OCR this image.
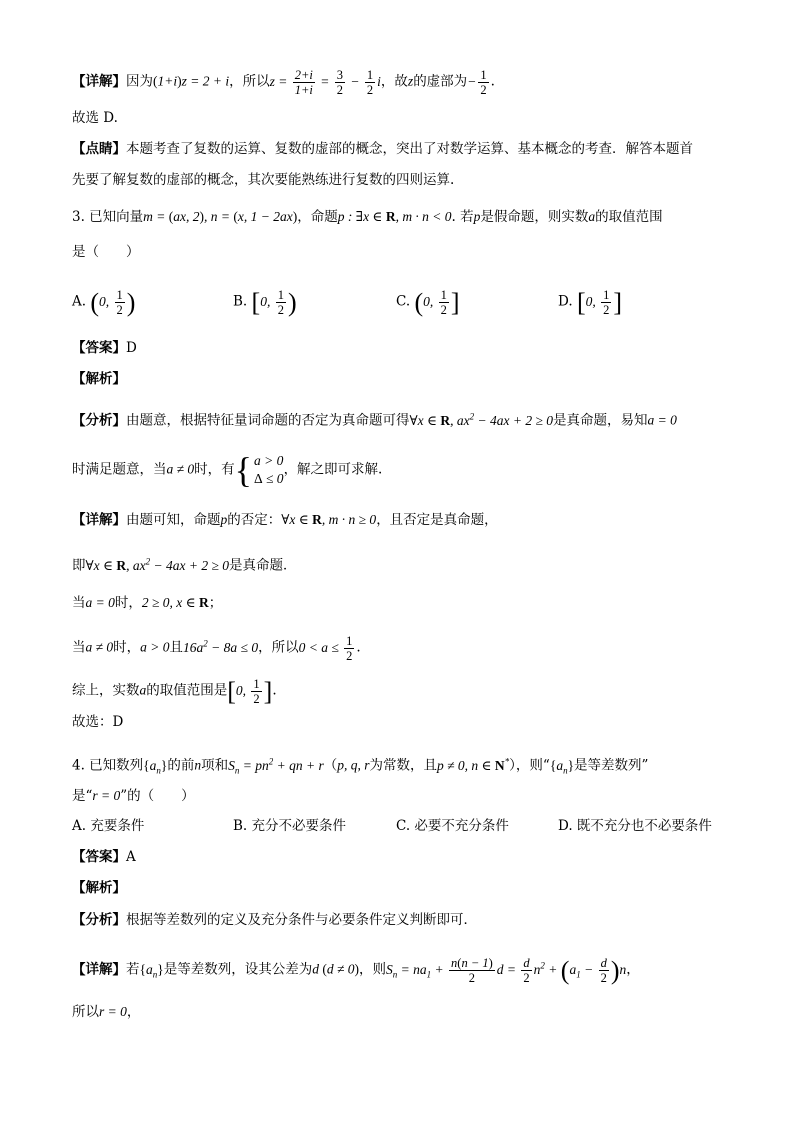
【 详解 】 因为(1+i)z = 2 + i，所以$z = \frac{2+i}{1+i} = \frac{3}{2} - \frac{1}{2}$ i，故z的虚部为− $\frac{1}{2}$ .
故选 D.
【 点睛 】 本题考查了复数的运算、复数的虚部的概念，突出了对数学运算、基本概念的考查．解答本题首
先要了解复数的虚部的概念，其次要能熟练进行复数的四则运算.
3. 已知向量m = (ax, 2), n = (x, 1 − 2ax)，命题p : ∃x ∈ R, m · n < 0. 若p是假命题，则实数a的取值范围
是（　　）
A. (0, $\frac{1}{2}$ )	B. [0, $\frac{1}{2}$ )	C. (0, $\frac{1}{2}$ ]	D. [0, $\frac{1}{2}$ ]
【 答案 】 D
【 解析 】
【 分析 】 由题意，根据特征量词命题的否定为真命题可得∀x ∈ R, $ax^2 - 4ax + 2 \ge 0$是真命题，易知a = 0
时满足题意，当a ≠ 0时，有 { a > 0
Δ ≤ 0
，解之即可求解.
【 详解 】 由题可知，命题p的否定：∀x ∈ R, m · n ≥ 0，且否定是真命题，
即∀x ∈ R, $ax^2 - 4ax + 2 \ge 0$是真命题．
当a = 0时，2 ≥ 0, x ∈ R；
当a ≠ 0时，a > 0且$16a^2 - 8a \le 0$，所以$0 < a \le \frac{1}{2}$ .
综上，实数a的取值范围是[0, $\frac{1}{2}$ ].
故选：D
4. 已知数列$\{a_n\}$的前n项和$S_n = pn^2$ + qn + r（p, q, r为常数，且p ≠ 0, n ∈ N*），则“$\{a_n\}$是等差数列”
是“r = 0”的（　　）
A. 充要条件	B. 充分不必要条件	C. 必要不充分条件	D. 既不充分也不必要条件
【 答案 】 A
【 解析 】
【 分析 】 根据等差数列的定义及充分条件与必要条件定义判断即可．
【 详解 】 若$\{a_n\}$是等差数列，设其公差为d (d ≠ 0)，则$S_n = na_1 + \frac{n(n - 1)}{2}$ $d = \frac{d}{2} n^2 + (a_1 - \frac{d}{2} )n$，
所以r = 0，
